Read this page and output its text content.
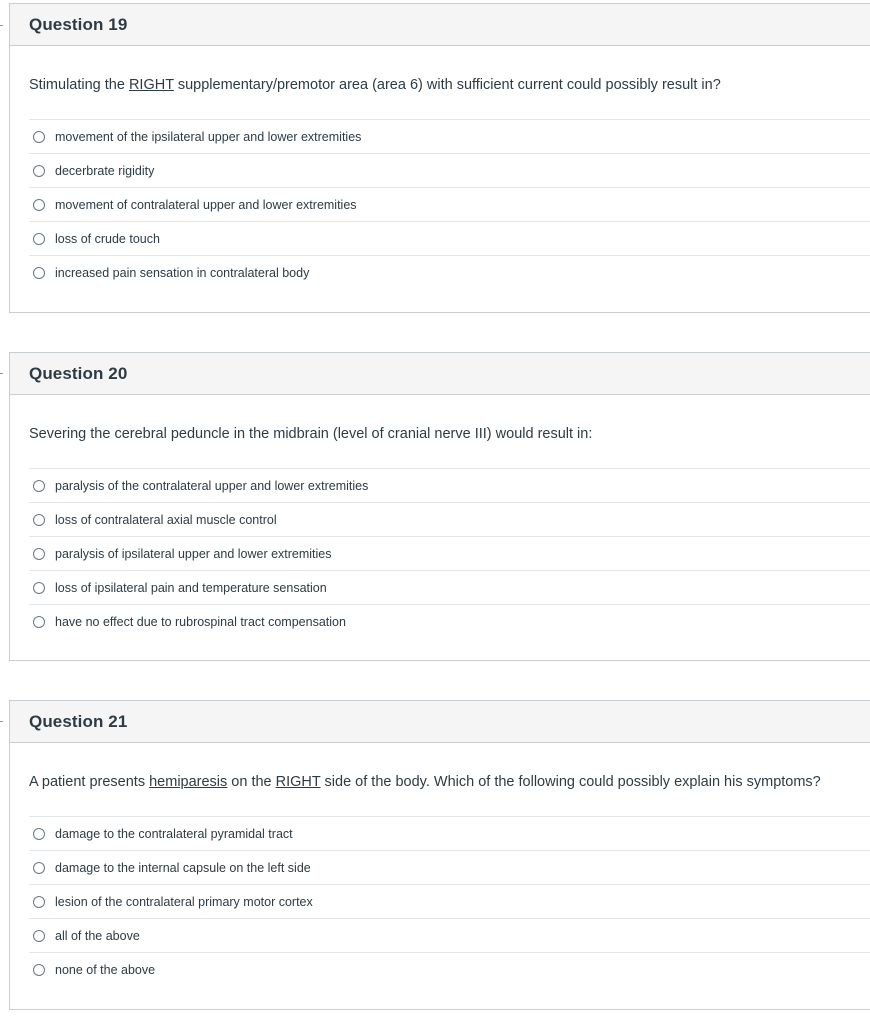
Question 19
Stimulating the RIGHT supplementary/premotor area (area 6) with sufficient current could possibly result in?
movement of the ipsilateral upper and lower extremities
decerbrate rigidity
movement of contralateral upper and lower extremities
loss of crude touch
increased pain sensation in contralateral body
Question 20
Severing the cerebral peduncle in the midbrain (level of cranial nerve III) would result in:
paralysis of the contralateral upper and lower extremities
loss of contralateral axial muscle control
paralysis of ipsilateral upper and lower extremities
loss of ipsilateral pain and temperature sensation
have no effect due to rubrospinal tract compensation
Question 21
A patient presents hemiparesis on the RIGHT side of the body. Which of the following could possibly explain his symptoms?
damage to the contralateral pyramidal tract
damage to the internal capsule on the left side
lesion of the contralateral primary motor cortex
all of the above
none of the above
